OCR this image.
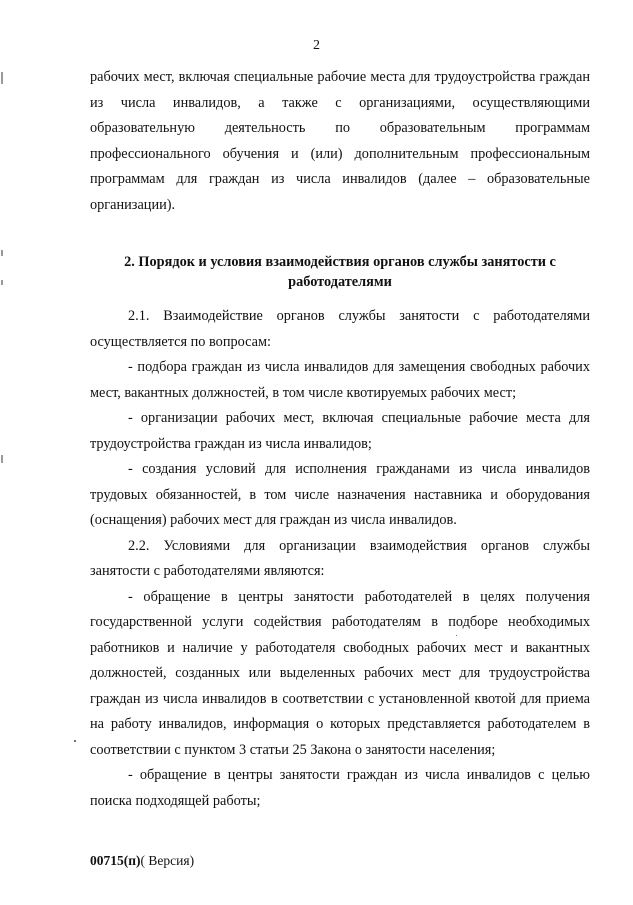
2

рабочих мест, включая специальные рабочие места для трудоустройства граждан из числа инвалидов, а также с организациями, осуществляющими образовательную деятельность по образовательным программам профессионального обучения и (или) дополнительным профессиональным программам для граждан из числа инвалидов (далее – образовательные организации).

2. Порядок и условия взаимодействия органов службы занятости с работодателями

2.1. Взаимодействие органов службы занятости с работодателями осуществляется по вопросам:

- подбора граждан из числа инвалидов для замещения свободных рабочих мест, вакантных должностей, в том числе квотируемых рабочих мест;

- организации рабочих мест, включая специальные рабочие места для трудоустройства граждан из числа инвалидов;

- создания условий для исполнения гражданами из числа инвалидов трудовых обязанностей, в том числе назначения наставника и оборудования (оснащения) рабочих мест для граждан из числа инвалидов.

2.2. Условиями для организации взаимодействия органов службы занятости с работодателями являются:

- обращение в центры занятости работодателей в целях получения государственной услуги содействия работодателям в подборе необходимых работников и наличие у работодателя свободных рабочих мест и вакантных должностей, созданных или выделенных рабочих мест для трудоустройства граждан из числа инвалидов в соответствии с установленной квотой для приема на работу инвалидов, информация о которых представляется работодателем в соответствии с пунктом 3 статьи 25 Закона о занятости населения;

- обращение в центры занятости граждан из числа инвалидов с целью поиска подходящей работы;

00715(п)( Версия)
